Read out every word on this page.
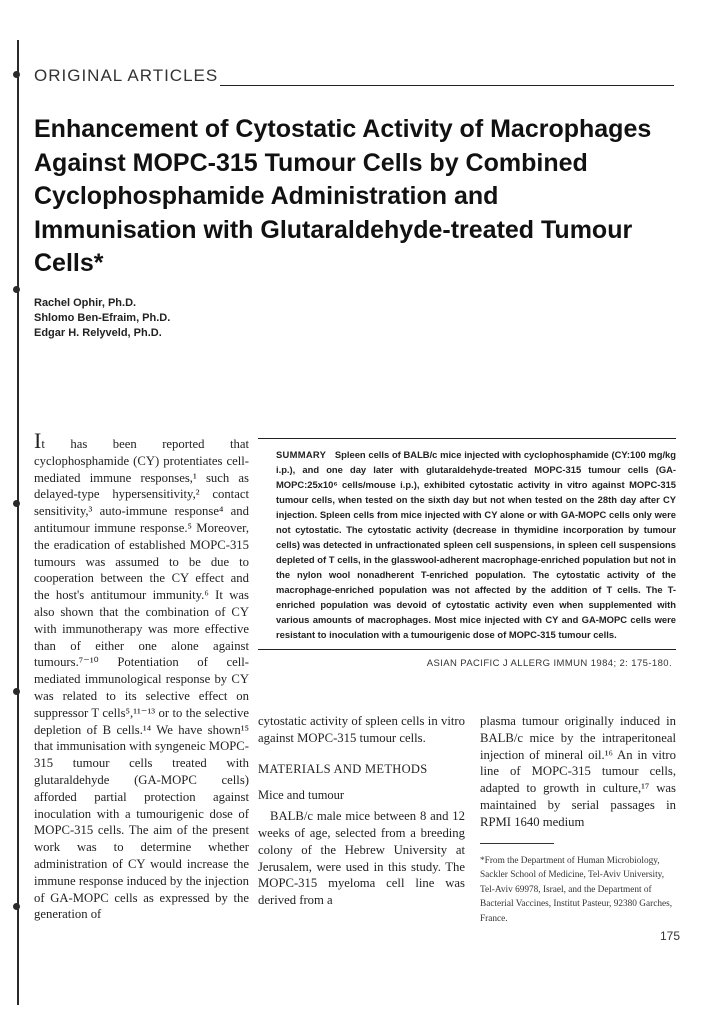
ORIGINAL ARTICLES
Enhancement of Cytostatic Activity of Macrophages Against MOPC-315 Tumour Cells by Combined Cyclophosphamide Administration and Immunisation with Glutaraldehyde-treated Tumour Cells*
Rachel Ophir, Ph.D.
Shlomo Ben-Efraim, Ph.D.
Edgar H. Relyveld, Ph.D.

SUMMARY Spleen cells of BALB/c mice injected with cyclophosphamide (CY:100 mg/kg i.p.), and one day later with glutaraldehyde-treated MOPC-315 tumour cells (GA-MOPC:25x10⁶ cells/mouse i.p.), exhibited cytostatic activity in vitro against MOPC-315 tumour cells, when tested on the sixth day but not when tested on the 28th day after CY injection. Spleen cells from mice injected with CY alone or with GA-MOPC cells only were not cytostatic. The cytostatic activity (decrease in thymidine incorporation by tumour cells) was detected in unfractionated spleen cell suspensions, in spleen cell suspensions depleted of T cells, in the glasswool-adherent macrophage-enriched population but not in the nylon wool nonadherent T-enriched population. The cytostatic activity of the macrophage-enriched population was not affected by the addition of T cells. The T-enriched population was devoid of cytostatic activity even when supplemented with various amounts of macrophages. Most mice injected with CY and GA-MOPC cells were resistant to inoculation with a tumourigenic dose of MOPC-315 tumour cells.

ASIAN PACIFIC J ALLERG IMMUN 1984; 2: 175-180.

It has been reported that cyclophosphamide (CY) protentiates cell-mediated immune responses,¹ such as delayed-type hypersensitivity,² contact sensitivity,³ auto-immune response⁴ and antitumour immune response.⁵ Moreover, the eradication of established MOPC-315 tumours was assumed to be due to cooperation between the CY effect and the host's antitumour immunity.⁶ It was also shown that the combination of CY with immunotherapy was more effective than of either one alone against tumours.⁷⁻¹⁰ Potentiation of cell-mediated immunological response by CY was related to its selective effect on suppressor T cells⁵,¹¹⁻¹³ or to the selective depletion of B cells.¹⁴ We have shown¹⁵ that immunisation with syngeneic MOPC-315 tumour cells treated with glutaraldehyde (GA-MOPC cells) afforded partial protection against inoculation with a tumourigenic dose of MOPC-315 cells. The aim of the present work was to determine whether administration of CY would increase the immune response induced by the injection of GA-MOPC cells as expressed by the generation of

cytostatic activity of spleen cells in vitro against MOPC-315 tumour cells.

MATERIALS AND METHODS

Mice and tumour

BALB/c male mice between 8 and 12 weeks of age, selected from a breeding colony of the Hebrew University at Jerusalem, were used in this study. The MOPC-315 myeloma cell line was derived from a

plasma tumour originally induced in BALB/c mice by the intraperitoneal injection of mineral oil.¹⁶ An in vitro line of MOPC-315 tumour cells, adapted to growth in culture,¹⁷ was maintained by serial passages in RPMI 1640 medium

*From the Department of Human Microbiology, Sackler School of Medicine, Tel-Aviv University, Tel-Aviv 69978, Israel, and the Department of Bacterial Vaccines, Institut Pasteur, 92380 Garches, France.

175
